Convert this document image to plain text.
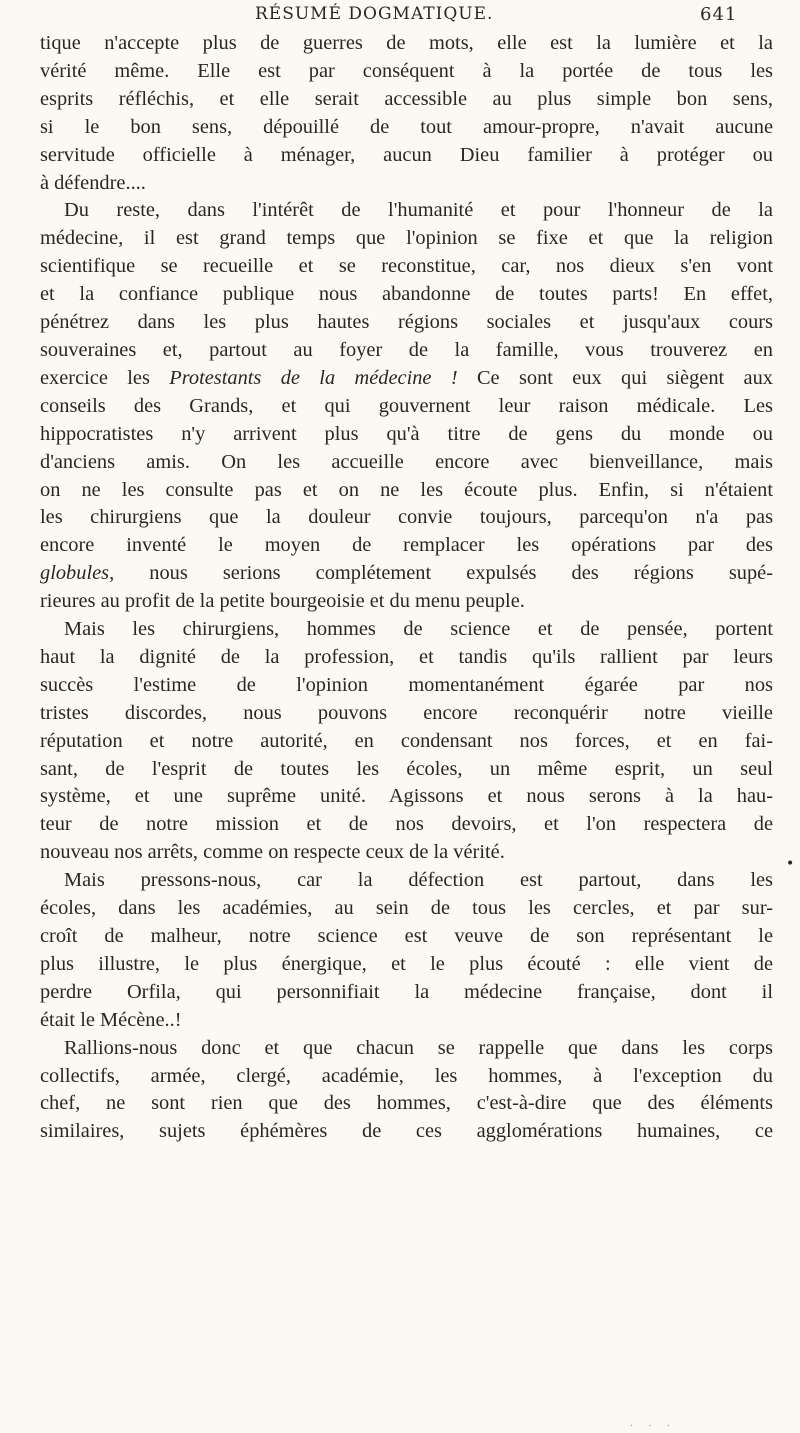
RÉSUMÉ DOGMATIQUE.	641
tique n'accepte plus de guerres de mots, elle est la lumière et la
vérité même. Elle est par conséquent à la portée de tous les
esprits réfléchis, et elle serait accessible au plus simple bon sens,
si le bon sens, dépouillé de tout amour-propre, n'avait aucune
servitude officielle à ménager, aucun Dieu familier à protéger ou
à défendre....
Du reste, dans l'intérêt de l'humanité et pour l'honneur de la
médecine, il est grand temps que l'opinion se fixe et que la religion
scientifique se recueille et se reconstitue, car, nos dieux s'en vont
et la confiance publique nous abandonne de toutes parts! En effet,
pénétrez dans les plus hautes régions sociales et jusqu'aux cours
souveraines et, partout au foyer de la famille, vous trouverez en
exercice les Protestants de la médecine ! Ce sont eux qui siègent aux
conseils des Grands, et qui gouvernent leur raison médicale. Les
hippocratistes n'y arrivent plus qu'à titre de gens du monde ou
d'anciens amis. On les accueille encore avec bienveillance, mais
on ne les consulte pas et on ne les écoute plus. Enfin, si n'étaient
les chirurgiens que la douleur convie toujours, parcequ'on n'a pas
encore inventé le moyen de remplacer les opérations par des
globules, nous serions complétement expulsés des régions supé-
rieures au profit de la petite bourgeoisie et du menu peuple.
Mais les chirurgiens, hommes de science et de pensée, portent
haut la dignité de la profession, et tandis qu'ils rallient par leurs
succès l'estime de l'opinion momentanément égarée par nos
tristes discordes, nous pouvons encore reconquérir notre vieille
réputation et notre autorité, en condensant nos forces, et en fai-
sant, de l'esprit de toutes les écoles, un même esprit, un seul
système, et une suprême unité. Agissons et nous serons à la hau-
teur de notre mission et de nos devoirs, et l'on respectera de
nouveau nos arrêts, comme on respecte ceux de la vérité.
Mais pressons-nous, car la défection est partout, dans les
écoles, dans les académies, au sein de tous les cercles, et par sur-
croît de malheur, notre science est veuve de son représentant le
plus illustre, le plus énergique, et le plus écouté : elle vient de
perdre Orfila, qui personnifiait la médecine française, dont il
était le Mécène..!
Rallions-nous donc et que chacun se rappelle que dans les corps
collectifs, armée, clergé, académie, les hommes, à l'exception du
chef, ne sont rien que des hommes, c'est-à-dire que des éléments
similaires, sujets éphémères de ces agglomérations humaines, ce
•
. . .
